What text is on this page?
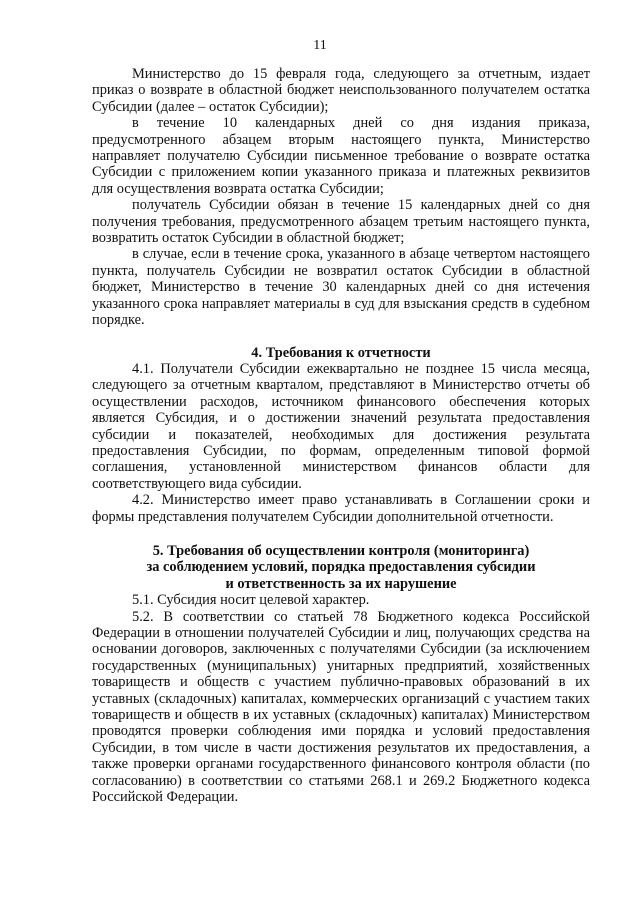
11

Министерство до 15 февраля года, следующего за отчетным, издает приказ о возврате в областной бюджет неиспользованного получателем остатка Субсидии (далее – остаток Субсидии);

в течение 10 календарных дней со дня издания приказа, предусмотренного абзацем вторым настоящего пункта, Министерство направляет получателю Субсидии письменное требование о возврате остатка Субсидии с приложением копии указанного приказа и платежных реквизитов для осуществления возврата остатка Субсидии;

получатель Субсидии обязан в течение 15 календарных дней со дня получения требования, предусмотренного абзацем третьим настоящего пункта, возвратить остаток Субсидии в областной бюджет;

в случае, если в течение срока, указанного в абзаце четвертом настоящего пункта, получатель Субсидии не возвратил остаток Субсидии в областной бюджет, Министерство в течение 30 календарных дней со дня истечения указанного срока направляет материалы в суд для взыскания средств в судебном порядке.

4. Требования к отчетности

4.1. Получатели Субсидии ежеквартально не позднее 15 числа месяца, следующего за отчетным кварталом, представляют в Министерство отчеты об осуществлении расходов, источником финансового обеспечения которых является Субсидия, и о достижении значений результата предоставления субсидии и показателей, необходимых для достижения результата предоставления Субсидии, по формам, определенным типовой формой соглашения, установленной министерством финансов области для соответствующего вида субсидии.

4.2. Министерство имеет право устанавливать в Соглашении сроки и формы представления получателем Субсидии дополнительной отчетности.

5. Требования об осуществлении контроля (мониторинга)
за соблюдением условий, порядка предоставления субсидии
и ответственность за их нарушение

5.1. Субсидия носит целевой характер.

5.2. В соответствии со статьей 78 Бюджетного кодекса Российской Федерации в отношении получателей Субсидии и лиц, получающих средства на основании договоров, заключенных с получателями Субсидии (за исключением государственных (муниципальных) унитарных предприятий, хозяйственных товариществ и обществ с участием публично-правовых образований в их уставных (складочных) капиталах, коммерческих организаций с участием таких товариществ и обществ в их уставных (складочных) капиталах) Министерством проводятся проверки соблюдения ими порядка и условий предоставления Субсидии, в том числе в части достижения результатов их предоставления, а также проверки органами государственного финансового контроля области (по согласованию) в соответствии со статьями 268.1 и 269.2 Бюджетного кодекса Российской Федерации.
